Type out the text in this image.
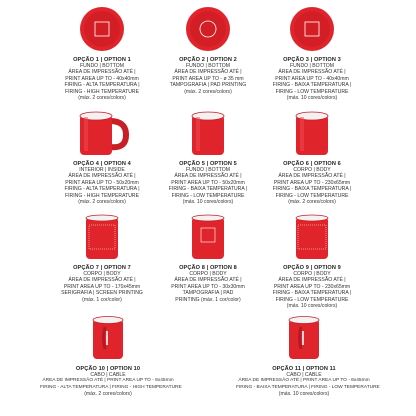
OPÇÃO 1 | OPTION 1
FUNDO | BOTTOM
ÁREA DE IMPRESSÃO ATÉ |
PRINT AREA UP TO - 40x40mm
FIRING - ALTA TEMPERATURA |
FIRING - HIGH TEMPERATURE
(máx. 2 cores/colors)
OPÇÃO 2 | OPTION 2
FUNDO | BOTTOM
ÁREA DE IMPRESSÃO ATÉ |
PRINT AREA UP TO - ø 35 mm
TAMPOGRAFIA | PAD PRINTING
(máx. 2 cores/colors)
OPÇÃO 3 | OPTION 3
FUNDO | BOTTOM
ÁREA DE IMPRESSÃO ATÉ |
PRINT AREA UP TO - 40x40mm
FIRING - BAIXA TEMPERATURA |
FIRING - LOW TEMPERATURE
(máx. 10 cores/colors)
OPÇÃO 4 | OPTION 4
INTERIOR | INSIDE
ÁREA DE IMPRESSÃO ATÉ |
PRINT AREA UP TO - 50x20mm
FIRING - ALTA TEMPERATURA |
FIRING - HIGH TEMPERATURE
(máx. 2 cores/colors)
OPÇÃO 5 | OPTION 5
FUNDO | BOTTOM
ÁREA DE IMPRESSÃO ATÉ |
PRINT AREA UP TO - 50x20mm
FIRING - BAIXA TEMPERATURA |
FIRING - LOW TEMPERATURE
(máx. 10 cores/colors)
OPÇÃO 6 | OPTION 6
CORPO | BODY
ÁREA DE IMPRESSÃO ATÉ |
PRINT AREA UP TO - 230x65mm
FIRING - BAIXA TEMPERATURA |
FIRING - LOW TEMPERATURE
(máx. 2 cores/colors)
OPÇÃO 7 | OPTION 7
CORPO | BODY
ÁREA DE IMPRESSÃO ATÉ |
PRINT AREA UP TO - 170x45mm
SERIGRAFIA | SCREEN PRINTING
(máx. 1 cor/color)
OPÇÃO 8 | OPTION 8
CORPO | BODY
ÁREA DE IMPRESSÃO ATÉ |
PRINT AREA UP TO - 30x30mm
TAMPOGRAFIA | PAD
PRINTING (máx. 1 cor/color)
OPÇÃO 9 | OPTION 9
CORPO | BODY
ÁREA DE IMPRESSÃO ATÉ |
PRINT AREA UP TO - 230x65mm
FIRING - BAIXA TEMPERATURA |
FIRING - LOW TEMPERATURE
(máx. 10 cores/colors)
OPÇÃO 10 | OPTION 10
CABO | CABLE
ÁREA DE IMPRESSÃO ATÉ | PRINT AREA UP TO - 8x45mm
FIRING - ALTA TEMPERATURA | FIRING - HIGH TEMPERATURE
(máx. 2 cores/colors)
OPÇÃO 11 | OPTION 11
CABO | CABLE
ÁREA DE IMPRESSÃO ATÉ | PRINT AREA UP TO - 8x45mm
FIRING - BAIXA TEMPERATURA | FIRING - LOW TEMPERATURE
(máx. 10 cores/colors)
